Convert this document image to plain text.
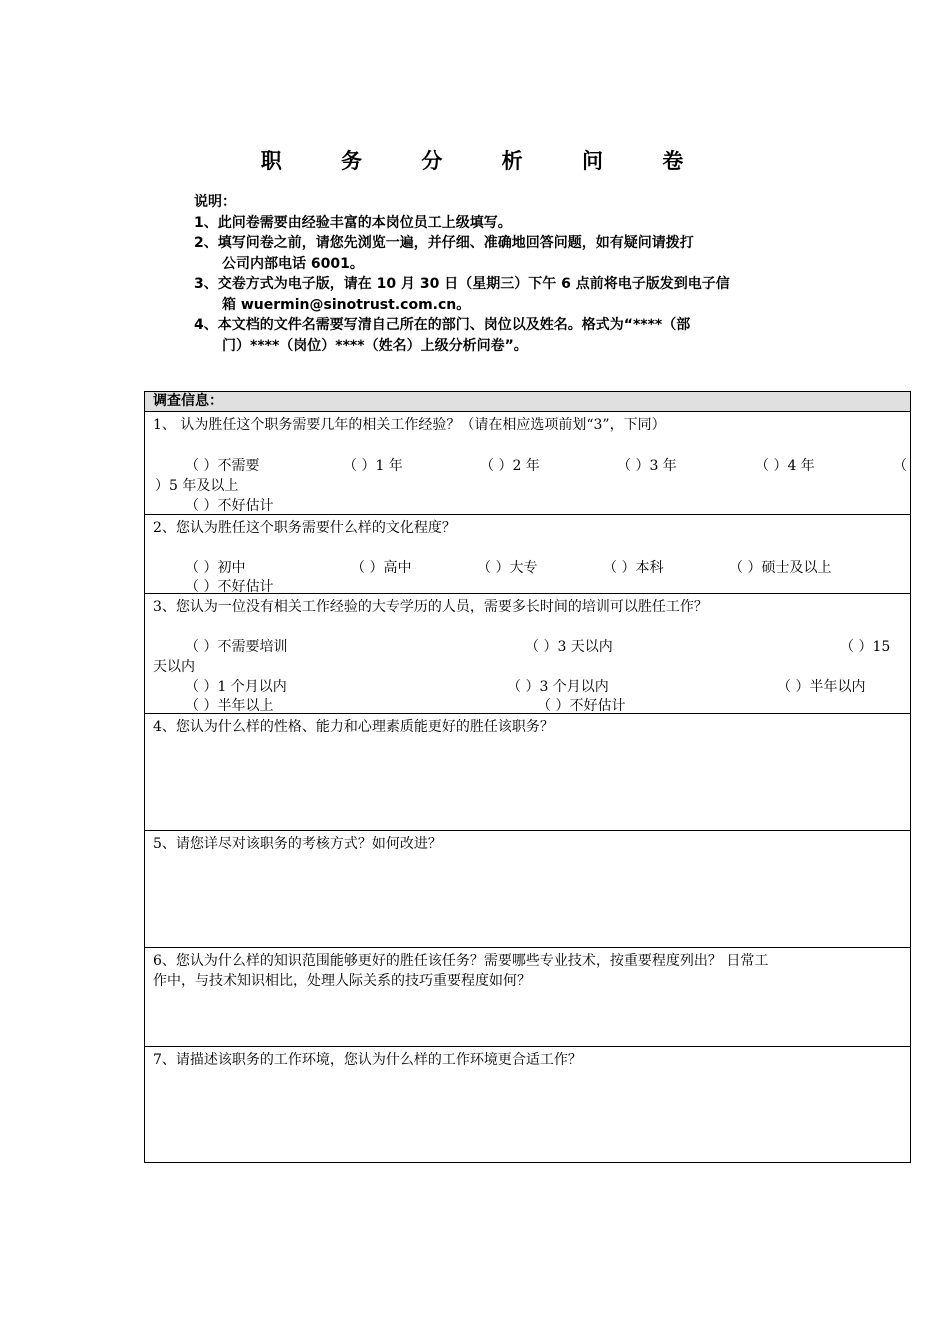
职 务 分 析 问 卷
说明：
1、此问卷需要由经验丰富的本岗位员工上级填写。
2、填写问卷之前，请您先浏览一遍，并仔细、准确地回答问题，如有疑问请拨打
公司内部电话 6001。
3、交卷方式为电子版，请在 10 月 30 日（星期三）下午 6 点前将电子版发到电子信
箱 wuermin@sinotrust.com.cn。
4、本文档的文件名需要写清自己所在的部门、岗位以及姓名。格式为“****（部
门）****（岗位）****（姓名）上级分析问卷”。
调查信息：
1、 认为胜任这个职务需要几年的相关工作经验？（请在相应选项前划“3”，下同）
（ ）不需要	（ ）1 年	（ ）2 年	（ ）3 年	（ ）4 年	（
）5 年及以上
（ ）不好估计
2、您认为胜任这个职务需要什么样的文化程度？
（ ）初中	（ ）高中	（ ）大专	（ ）本科	（ ）硕士及以上
（ ）不好估计
3、您认为一位没有相关工作经验的大专学历的人员，需要多长时间的培训可以胜任工作？
（ ）不需要培训	（ ）3 天以内	（ ）15
天以内
（ ）1 个月以内	（ ）3 个月以内	（ ）半年以内
（ ）半年以上	（ ）不好估计
4、您认为什么样的性格、能力和心理素质能更好的胜任该职务？
5、请您详尽对该职务的考核方式？如何改进？
6、您认为什么样的知识范围能够更好的胜任该任务？需要哪些专业技术，按重要程度列出？ 日常工
作中，与技术知识相比，处理人际关系的技巧重要程度如何？
7、请描述该职务的工作环境，您认为什么样的工作环境更合适工作？
